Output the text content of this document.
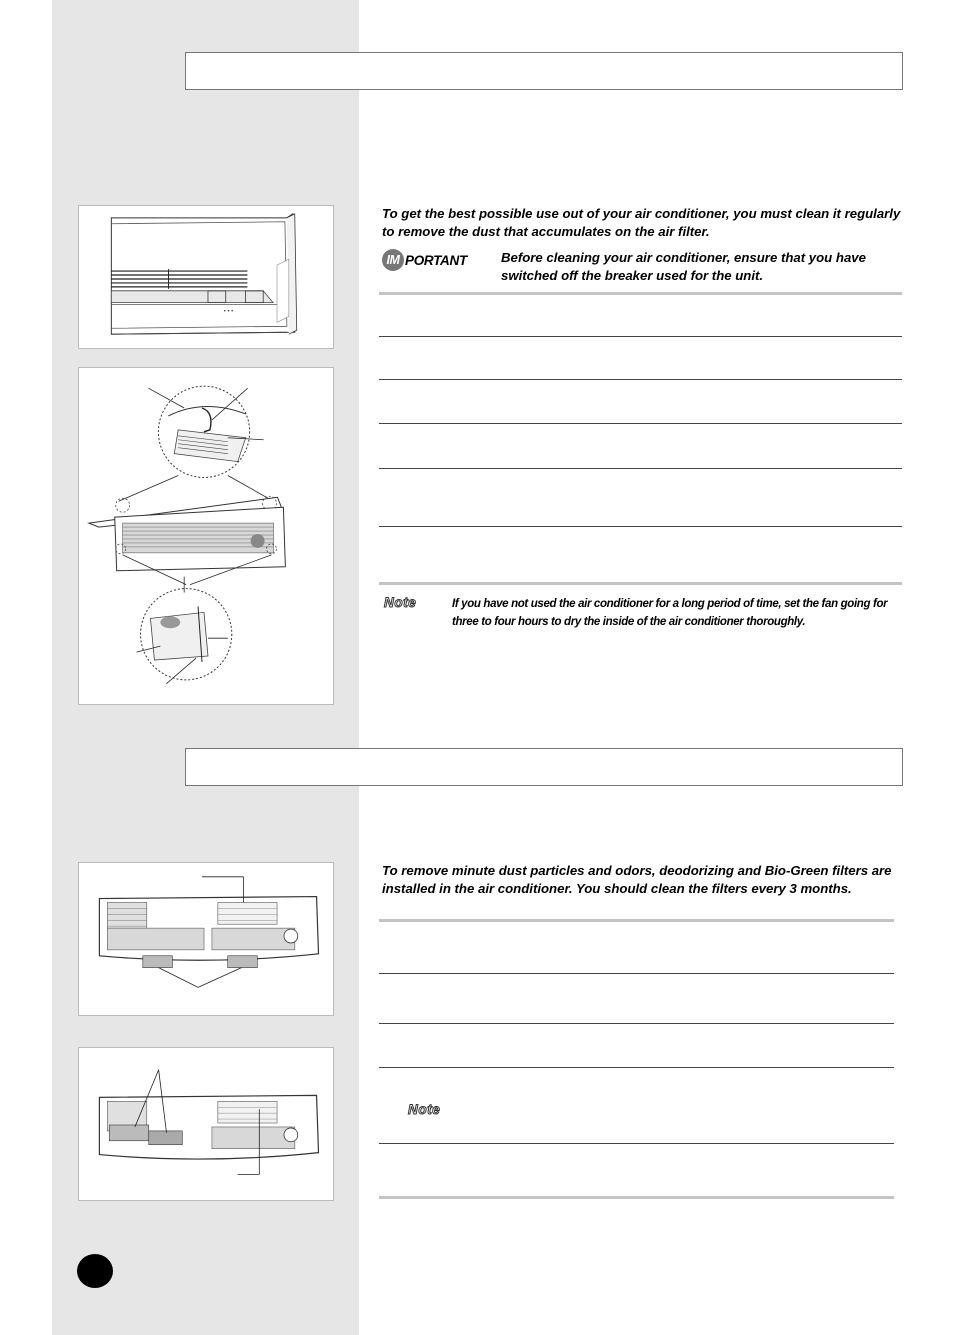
• • •

To get the best possible use out of your air conditioner, you must clean it regularly to remove the dust that accumulates on the air filter.

IM PORTANT	Before cleaning your air conditioner, ensure that you have switched off the breaker used for the unit.

Note	If you have not used the air conditioner for a long period of time, set the fan going for three to four hours to dry the inside of the air conditioner thoroughly.

To remove minute dust particles and odors, deodorizing and Bio-Green filters are installed in the air conditioner. You should clean the filters every 3 months.

Note
